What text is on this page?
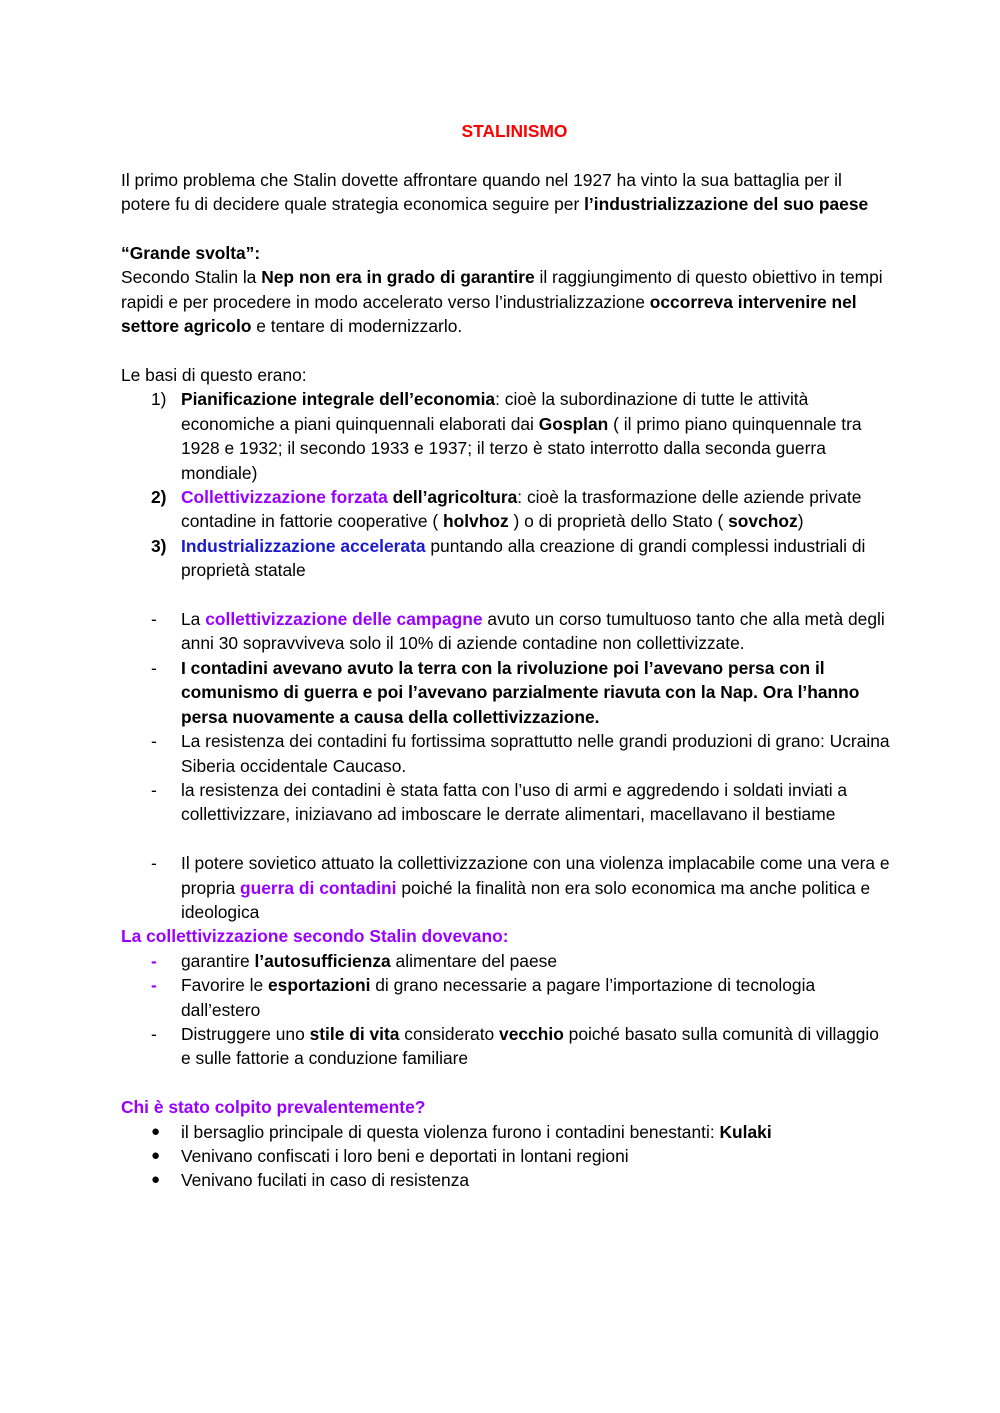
STALINISMO

Il primo problema che Stalin dovette affrontare quando nel 1927 ha vinto la sua battaglia per il potere fu di decidere quale strategia economica seguire per l’industrializzazione del suo paese

“Grande svolta”:

Secondo Stalin la Nep non era in grado di garantire il raggiungimento di questo obiettivo in tempi rapidi e per procedere in modo accelerato verso l’industrializzazione occorreva intervenire nel settore agricolo e tentare di modernizzarlo.

Le basi di questo erano:

1) Pianificazione integrale dell’economia: cioè la subordinazione di tutte le attività economiche a piani quinquennali elaborati dai Gosplan ( il primo piano quinquennale tra 1928 e 1932; il secondo 1933 e 1937; il terzo è stato interrotto dalla seconda guerra mondiale)
2) Collettivizzazione forzata dell’agricoltura: cioè la trasformazione delle aziende private contadine in fattorie cooperative ( holvhoz ) o di proprietà dello Stato ( sovchoz)
3) Industrializzazione accelerata puntando alla creazione di grandi complessi industriali di proprietà statale
- La collettivizzazione delle campagne avuto un corso tumultuoso tanto che alla metà degli anni 30 sopravviveva solo il 10% di aziende contadine non collettivizzate.
- I contadini avevano avuto la terra con la rivoluzione poi l’avevano persa con il comunismo di guerra e poi l’avevano parzialmente riavuta con la Nap. Ora l’hanno persa nuovamente a causa della collettivizzazione.
- La resistenza dei contadini fu fortissima soprattutto nelle grandi produzioni di grano: Ucraina Siberia occidentale Caucaso.
- la resistenza dei contadini è stata fatta con l’uso di armi e aggredendo i soldati inviati a collettivizzare, iniziavano ad imboscare le derrate alimentari, macellavano il bestiame
- Il potere sovietico attuato la collettivizzazione con una violenza implacabile come una vera e propria guerra di contadini poiché la finalità non era solo economica ma anche politica e ideologica

La collettivizzazione secondo Stalin dovevano:

- garantire l’autosufficienza alimentare del paese
- Favorire le esportazioni di grano necessarie a pagare l’importazione di tecnologia dall’estero
- Distruggere uno stile di vita considerato vecchio poiché basato sulla comunità di villaggio e sulle fattorie a conduzione familiare

Chi è stato colpito prevalentemente?

● il bersaglio principale di questa violenza furono i contadini benestanti: Kulaki
● Venivano confiscati i loro beni e deportati in lontani regioni
● Venivano fucilati in caso di resistenza
